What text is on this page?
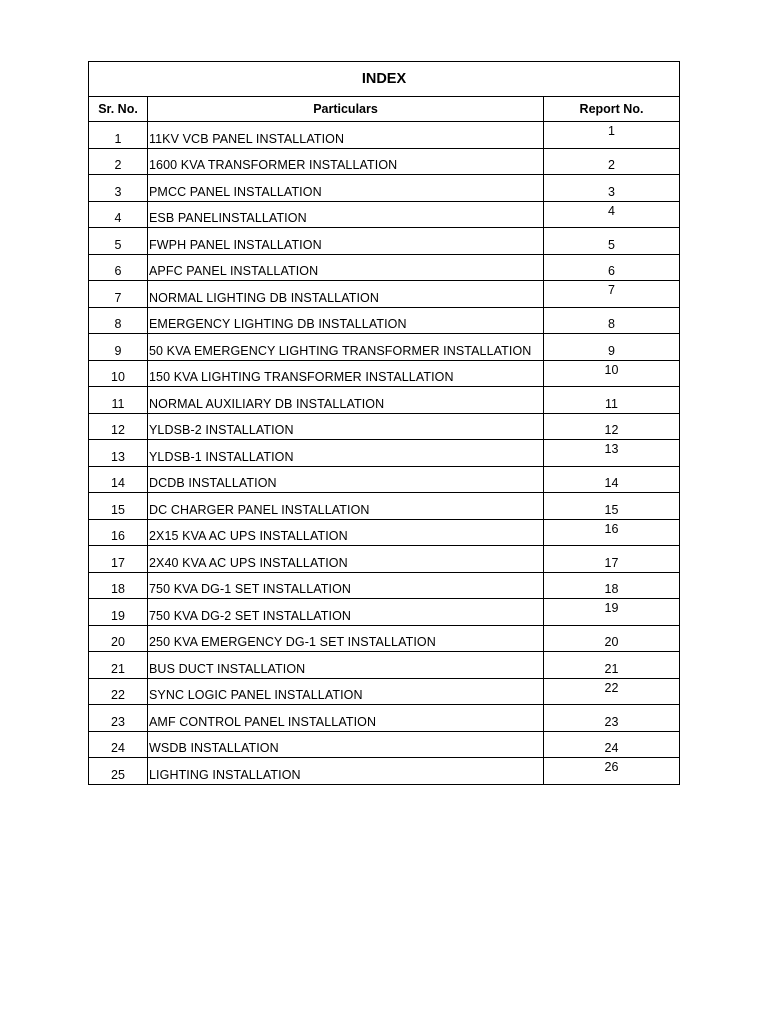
INDEX		
Sr. No.	Particulars	Report No.
1	11KV VCB PANEL INSTALLATION	1
2	1600 KVA TRANSFORMER INSTALLATION	2
3	PMCC PANEL INSTALLATION	3
4	ESB PANELINSTALLATION	4
5	FWPH PANEL INSTALLATION	5
6	APFC PANEL INSTALLATION	6
7	NORMAL LIGHTING DB INSTALLATION	7
8	EMERGENCY LIGHTING DB INSTALLATION	8
9	50 KVA EMERGENCY LIGHTING TRANSFORMER INSTALLATION	9
10	150 KVA LIGHTING TRANSFORMER INSTALLATION	10
11	NORMAL AUXILIARY DB INSTALLATION	11
12	YLDSB-2 INSTALLATION	12
13	YLDSB-1 INSTALLATION	13
14	DCDB INSTALLATION	14
15	DC CHARGER PANEL INSTALLATION	15
16	2X15 KVA AC UPS INSTALLATION	16
17	2X40 KVA AC UPS INSTALLATION	17
18	750 KVA DG-1 SET INSTALLATION	18
19	750 KVA DG-2 SET INSTALLATION	19
20	250 KVA EMERGENCY DG-1 SET INSTALLATION	20
21	BUS DUCT INSTALLATION	21
22	SYNC LOGIC PANEL INSTALLATION	22
23	AMF CONTROL PANEL INSTALLATION	23
24	WSDB INSTALLATION	24
25	LIGHTING INSTALLATION	26
